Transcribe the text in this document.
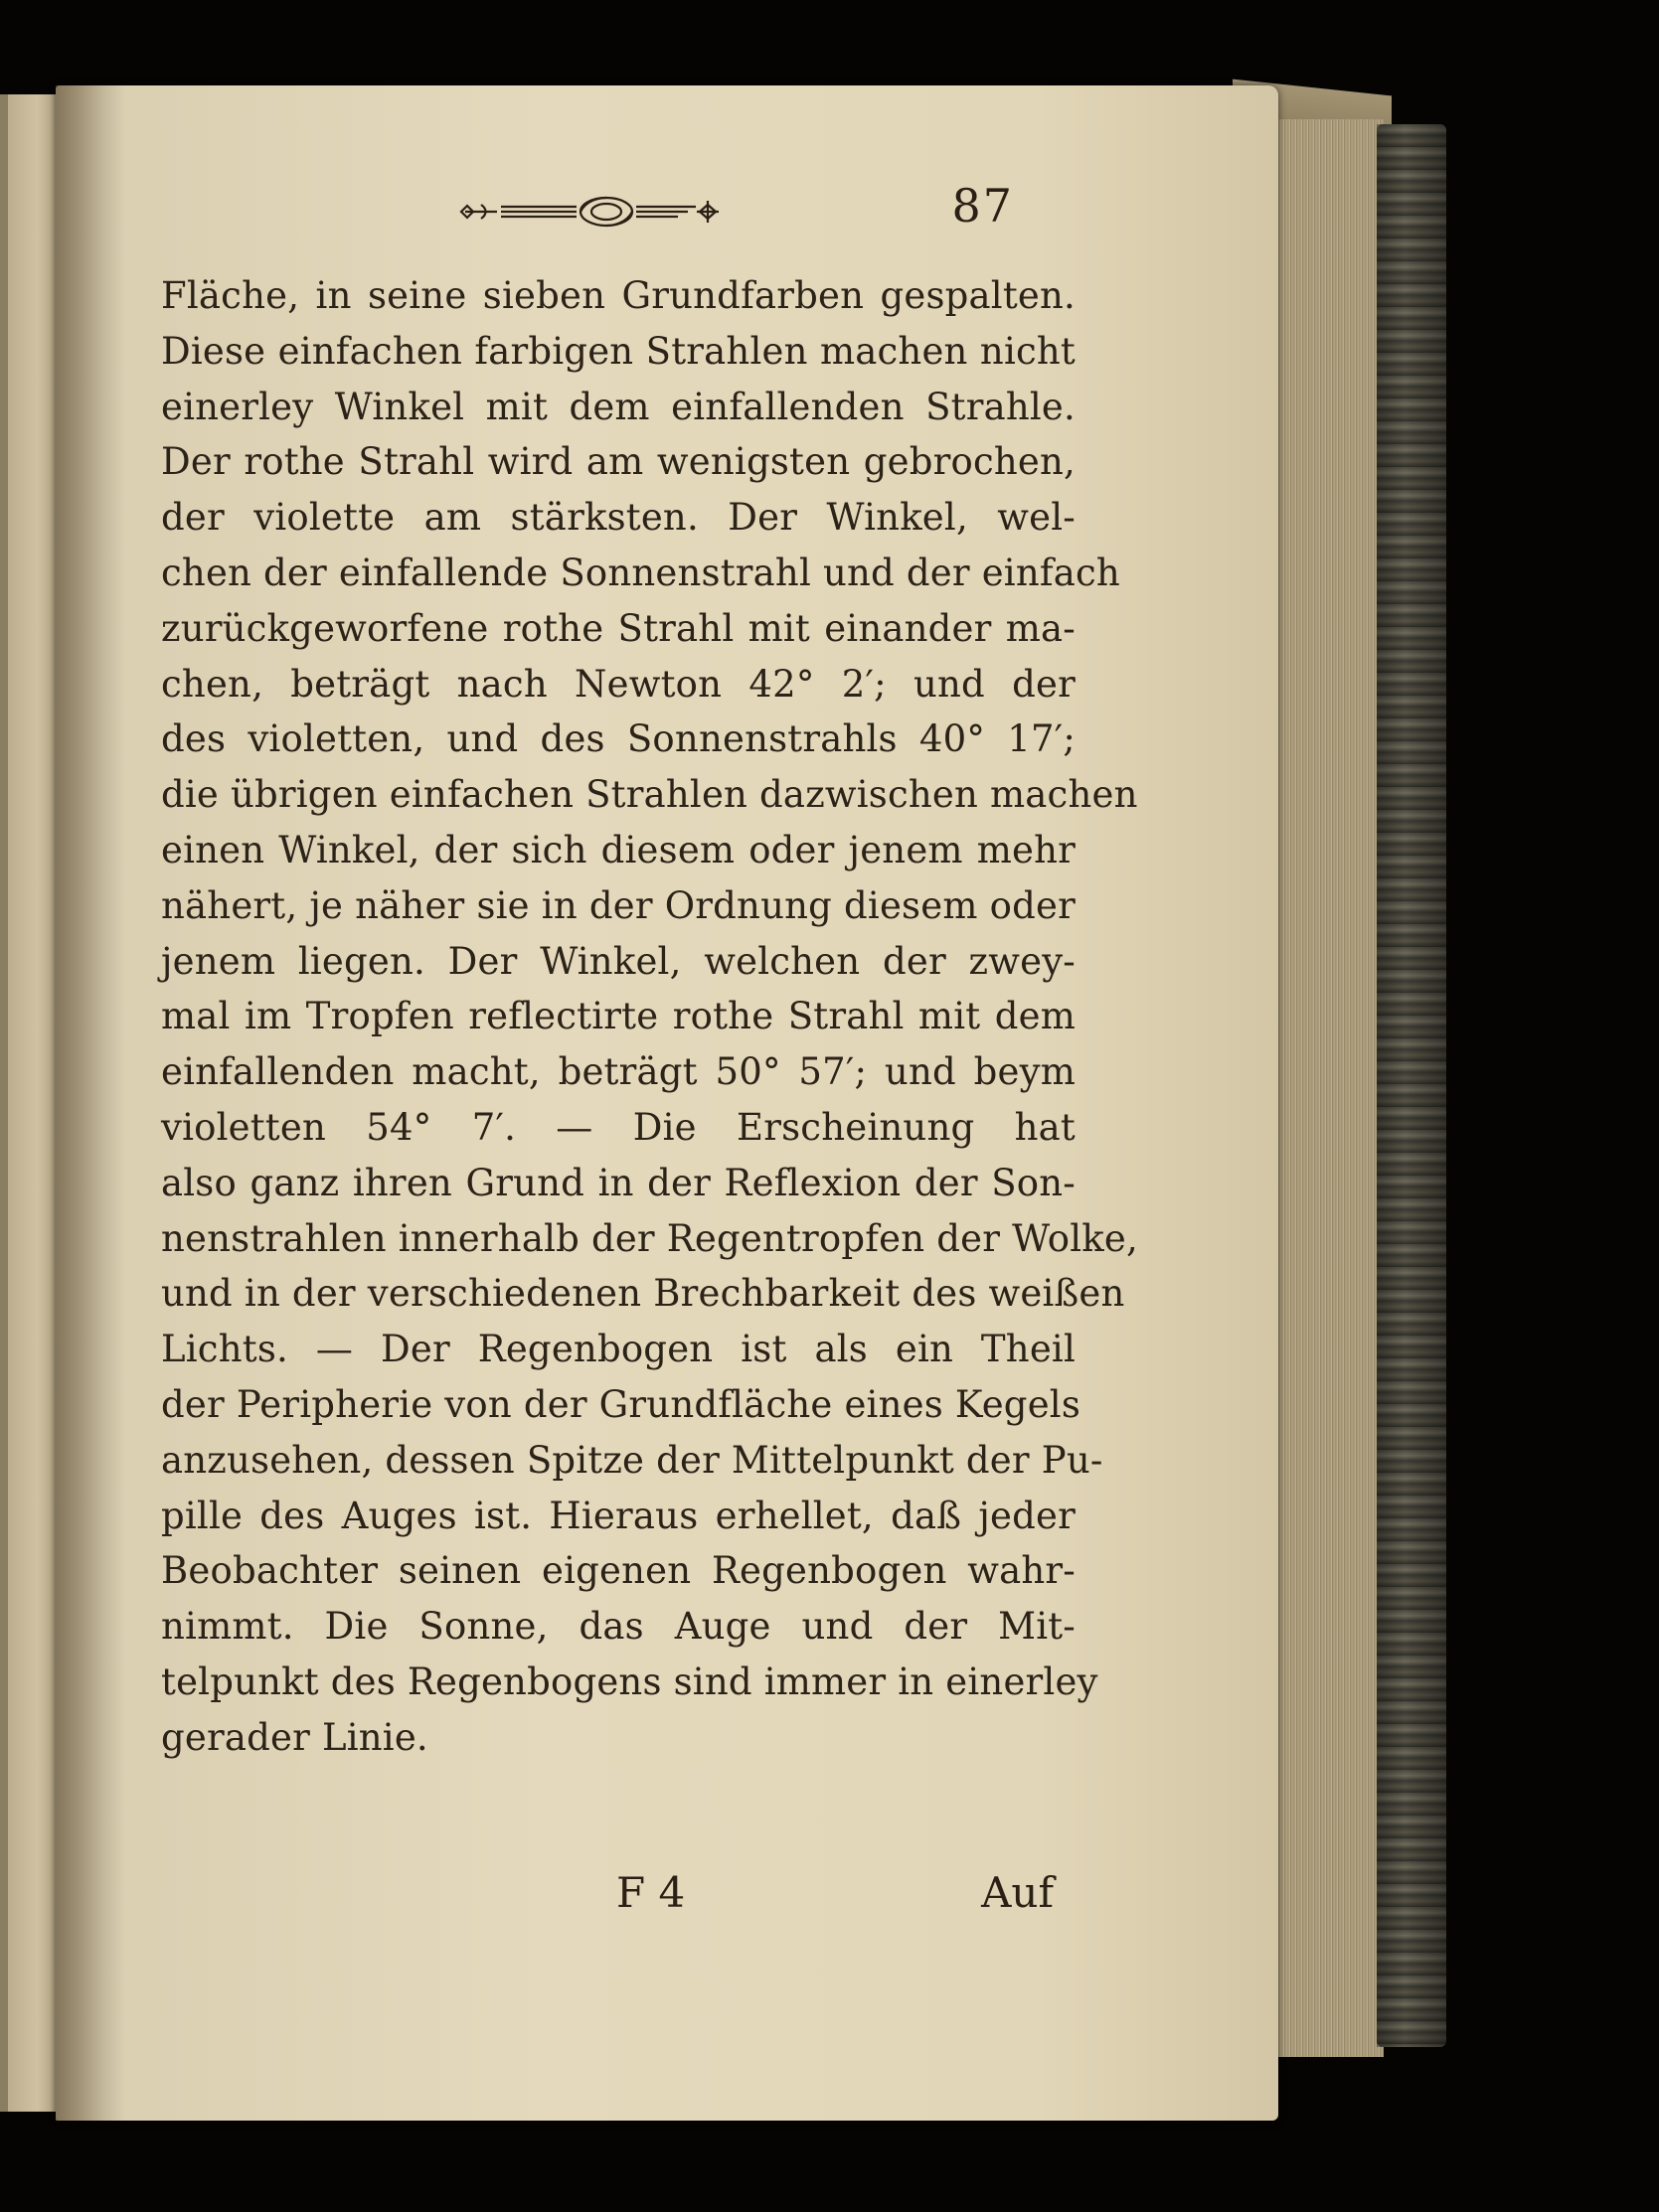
87
Fläche, in seine sieben Grundfarben gespalten.
Diese einfachen farbigen Strahlen machen nicht
einerley Winkel mit dem einfallenden Strahle.
Der rothe Strahl wird am wenigsten gebrochen,
der violette am stärksten. Der Winkel, wel-
chen der einfallende Sonnenstrahl und der einfach
zurückgeworfene rothe Strahl mit einander ma-
chen, beträgt nach Newton 42° 2′; und der
des violetten, und des Sonnenstrahls 40° 17′;
die übrigen einfachen Strahlen dazwischen machen
einen Winkel, der sich diesem oder jenem mehr
nähert, je näher sie in der Ordnung diesem oder
jenem liegen. Der Winkel, welchen der zwey-
mal im Tropfen reflectirte rothe Strahl mit dem
einfallenden macht, beträgt 50° 57′; und beym
violetten 54° 7′. — Die Erscheinung hat
also ganz ihren Grund in der Reflexion der Son-
nenstrahlen innerhalb der Regentropfen der Wolke,
und in der verschiedenen Brechbarkeit des weißen
Lichts. — Der Regenbogen ist als ein Theil
der Peripherie von der Grundfläche eines Kegels
anzusehen, dessen Spitze der Mittelpunkt der Pu-
pille des Auges ist. Hieraus erhellet, daß jeder
Beobachter seinen eigenen Regenbogen wahr-
nimmt. Die Sonne, das Auge und der Mit-
telpunkt des Regenbogens sind immer in einerley
gerader Linie.
F 4	Auf
